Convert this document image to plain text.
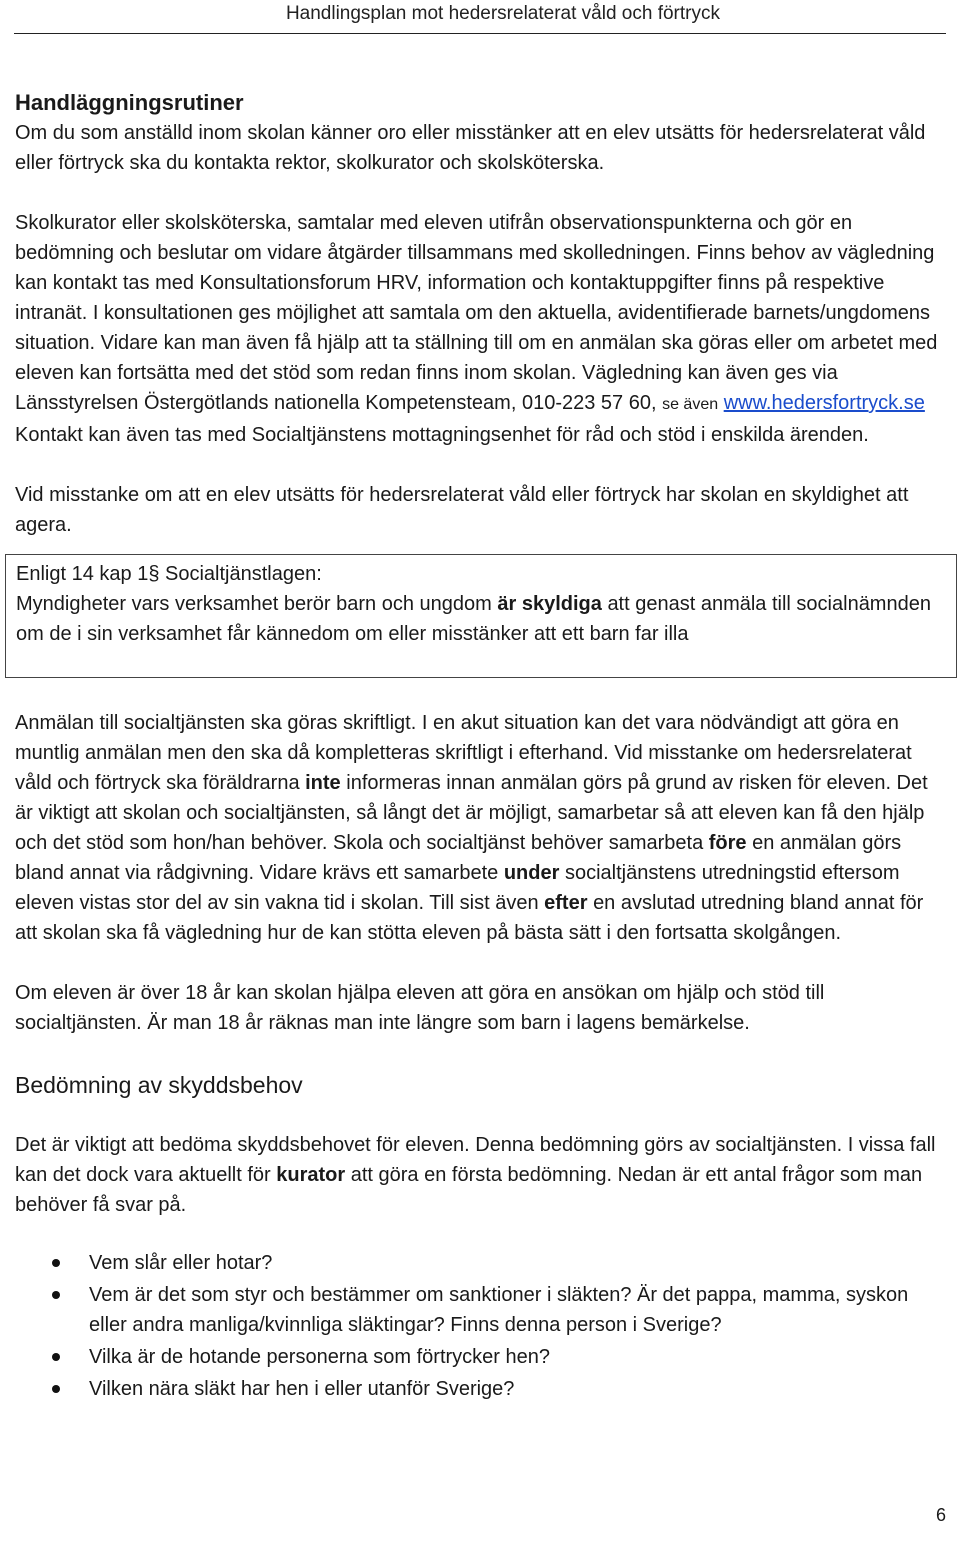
Handlingsplan mot hedersrelaterat våld och förtryck
Handläggningsrutiner

Om du som anställd inom skolan känner oro eller misstänker att en elev utsätts för hedersrelaterat våld eller förtryck ska du kontakta rektor, skolkurator och skolsköterska.

Skolkurator eller skolsköterska, samtalar med eleven utifrån observationspunkterna och gör en bedömning och beslutar om vidare åtgärder tillsammans med skolledningen. Finns behov av vägledning kan kontakt tas med Konsultationsforum HRV, information och kontaktuppgifter finns på respektive intranät. I konsultationen ges möjlighet att samtala om den aktuella, avidentifierade barnets/ungdomens situation. Vidare kan man även få hjälp att ta ställning till om en anmälan ska göras eller om arbetet med eleven kan fortsätta med det stöd som redan finns inom skolan. Vägledning kan även ges via Länsstyrelsen Östergötlands nationella Kompetensteam, 010-223 57 60, se även www.hedersfortryck.se Kontakt kan även tas med Socialtjänstens mottagningsenhet för råd och stöd i enskilda ärenden.

Vid misstanke om att en elev utsätts för hedersrelaterat våld eller förtryck har skolan en skyldighet att agera.

Enligt 14 kap 1§ Socialtjänstlagen:

Myndigheter vars verksamhet berör barn och ungdom är skyldiga att genast anmäla till socialnämnden om de i sin verksamhet får kännedom om eller misstänker att ett barn far illa

Anmälan till socialtjänsten ska göras skriftligt. I en akut situation kan det vara nödvändigt att göra en muntlig anmälan men den ska då kompletteras skriftligt i efterhand. Vid misstanke om hedersrelaterat våld och förtryck ska föräldrarna inte informeras innan anmälan görs på grund av risken för eleven. Det är viktigt att skolan och socialtjänsten, så långt det är möjligt, samarbetar så att eleven kan få den hjälp och det stöd som hon/han behöver. Skola och socialtjänst behöver samarbeta före en anmälan görs bland annat via rådgivning. Vidare krävs ett samarbete under socialtjänstens utredningstid eftersom eleven vistas stor del av sin vakna tid i skolan. Till sist även efter en avslutad utredning bland annat för att skolan ska få vägledning hur de kan stötta eleven på bästa sätt i den fortsatta skolgången.

Om eleven är över 18 år kan skolan hjälpa eleven att göra en ansökan om hjälp och stöd till socialtjänsten. Är man 18 år räknas man inte längre som barn i lagens bemärkelse.

Bedömning av skyddsbehov

Det är viktigt att bedöma skyddsbehovet för eleven. Denna bedömning görs av socialtjänsten. I vissa fall kan det dock vara aktuellt för kurator att göra en första bedömning. Nedan är ett antal frågor som man behöver få svar på.

Vem slår eller hotar?
Vem är det som styr och bestämmer om sanktioner i släkten? Är det pappa, mamma, syskon eller andra manliga/kvinnliga släktingar? Finns denna person i Sverige?
Vilka är de hotande personerna som förtrycker hen?
Vilken nära släkt har hen i eller utanför Sverige?
6
